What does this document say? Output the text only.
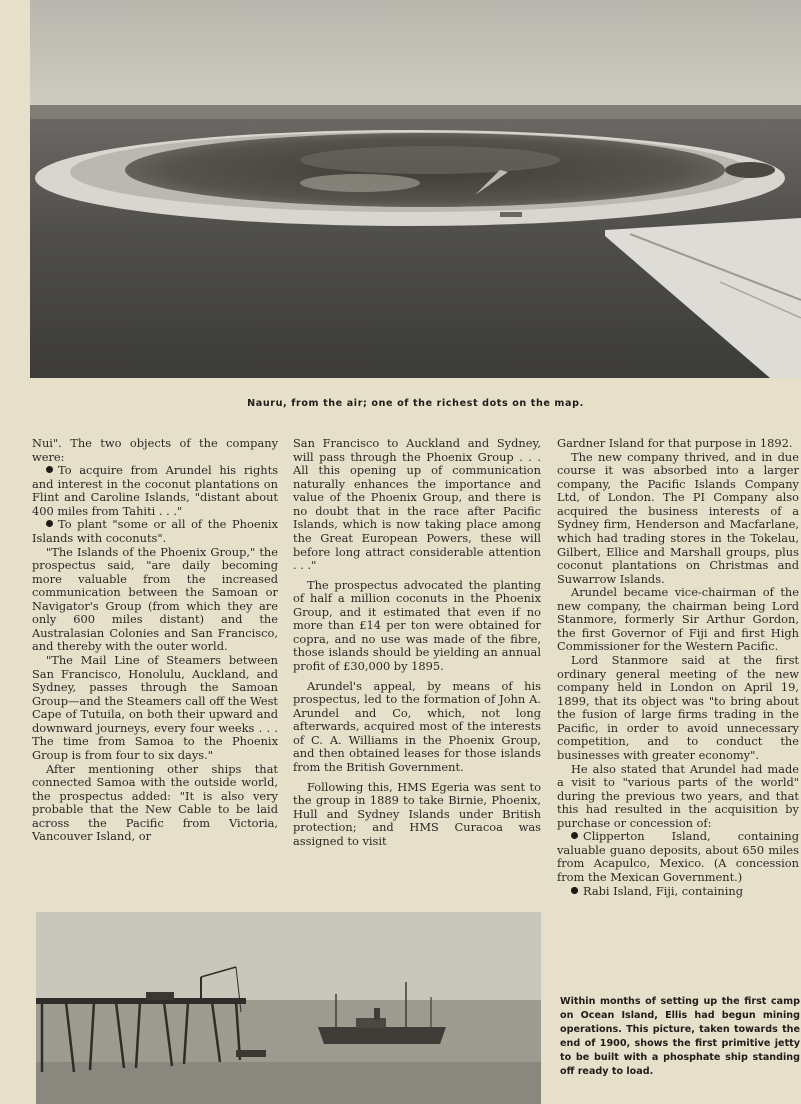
Nauru, from the air; one of the richest dots on the map.

Nui". The two objects of the company were:

To acquire from Arundel his rights and interest in the coconut plantations on Flint and Caroline Islands, "distant about 400 miles from Tahiti . . ."

To plant "some or all of the Phoenix Islands with coconuts".

"The Islands of the Phoenix Group," the prospectus said, "are daily becoming more valuable from the increased communication between the Samoan or Navigator's Group (from which they are only 600 miles distant) and the Australasian Colonies and San Francisco, and thereby with the outer world.

"The Mail Line of Steamers between San Francisco, Honolulu, Auckland, and Sydney, passes through the Samoan Group—and the Steamers call off the West Cape of Tutuila, on both their upward and downward journeys, every four weeks . . . The time from Samoa to the Phoenix Group is from four to six days."

After mentioning other ships that connected Samoa with the outside world, the prospectus added: "It is also very probable that the New Cable to be laid across the Pacific from Victoria, Vancouver Island, or

San Francisco to Auckland and Sydney, will pass through the Phoenix Group . . . All this opening up of communication naturally enhances the importance and value of the Phoenix Group, and there is no doubt that in the race after Pacific Islands, which is now taking place among the Great European Powers, these will before long attract considerable attention . . ."

The prospectus advocated the planting of half a million coconuts in the Phoenix Group, and it estimated that even if no more than £14 per ton were obtained for copra, and no use was made of the fibre, those islands should be yielding an annual profit of £30,000 by 1895.

Arundel's appeal, by means of his prospectus, led to the formation of John A. Arundel and Co, which, not long afterwards, acquired most of the interests of C. A. Williams in the Phoenix Group, and then obtained leases for those islands from the British Government.

Following this, HMS Egeria was sent to the group in 1889 to take Birnie, Phoenix, Hull and Sydney Islands under British protection; and HMS Curacoa was assigned to visit

Gardner Island for that purpose in 1892.

The new company thrived, and in due course it was absorbed into a larger company, the Pacific Islands Company Ltd, of London. The PI Company also acquired the business interests of a Sydney firm, Henderson and Macfarlane, which had trading stores in the Tokelau, Gilbert, Ellice and Marshall groups, plus coconut plantations on Christmas and Suwarrow Islands.

Arundel became vice-chairman of the new company, the chairman being Lord Stanmore, formerly Sir Arthur Gordon, the first Governor of Fiji and first High Commissioner for the Western Pacific.

Lord Stanmore said at the first ordinary general meeting of the new company held in London on April 19, 1899, that its object was "to bring about the fusion of large firms trading in the Pacific, in order to avoid unnecessary competition, and to conduct the businesses with greater economy".

He also stated that Arundel had made a visit to "various parts of the world" during the previous two years, and that this had resulted in the acquisition by purchase or concession of:

Clipperton Island, containing valuable guano deposits, about 650 miles from Acapulco, Mexico. (A concession from the Mexican Government.)

Rabi Island, Fiji, containing

Within months of setting up the first camp on Ocean Island, Ellis had begun mining operations. This picture, taken towards the end of 1900, shows the first primitive jetty to be built with a phosphate ship standing off ready to load.
